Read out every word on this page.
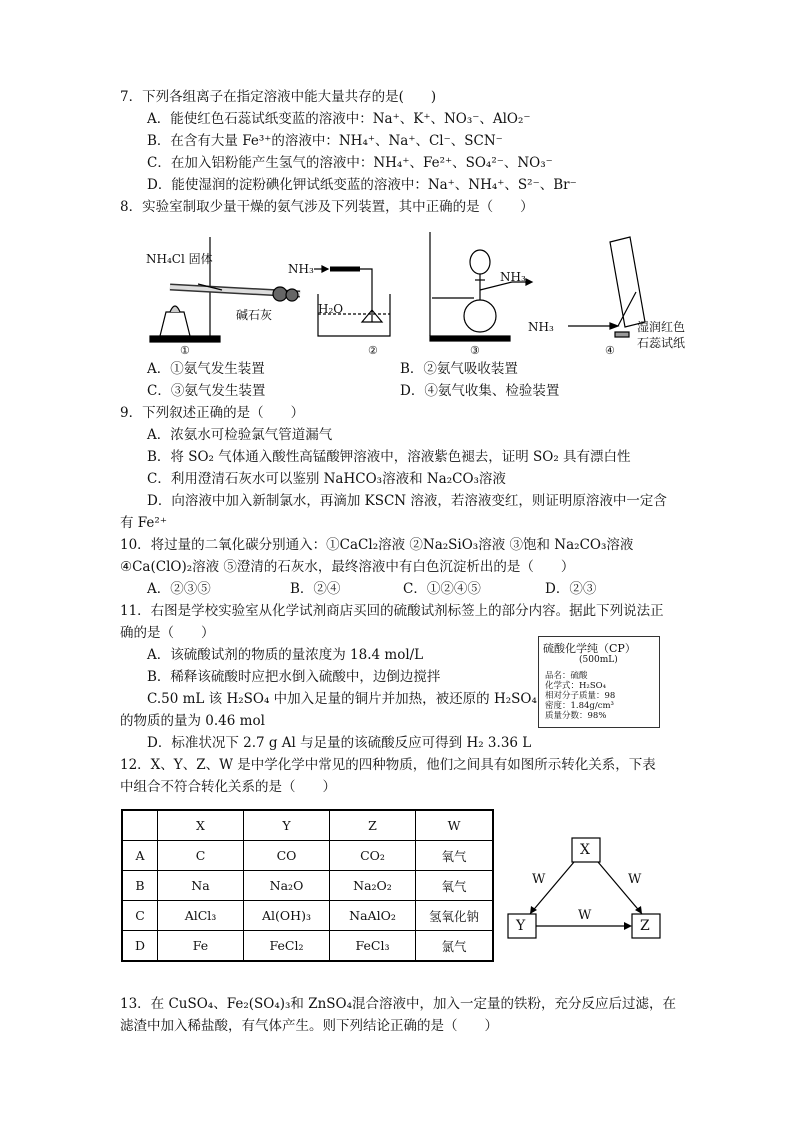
7．下列各组离子在指定溶液中能大量共存的是(　　)
A．能使红色石蕊试纸变蓝的溶液中：Na⁺、K⁺、NO₃⁻、AlO₂⁻
B．在含有大量 Fe³⁺的溶液中：NH₄⁺、Na⁺、Cl⁻、SCN⁻
C．在加入铝粉能产生氢气的溶液中：NH₄⁺、Fe²⁺、SO₄²⁻、NO₃⁻
D．能使湿润的淀粉碘化钾试纸变蓝的溶液中：Na⁺、NH₄⁺、S²⁻、Br⁻
8．实验室制取少量干燥的氨气涉及下列装置，其中正确的是（　　）
NH₄Cl 固体
碱石灰
NH₃
H₂O
NH₃
NH₃	湿润红色
石蕊试纸
①	②	③	④
A．①氨气发生装置	B．②氨气吸收装置
C．③氨气发生装置	D．④氨气收集、检验装置
9．下列叙述正确的是（　　）
A．浓氨水可检验氯气管道漏气
B．将 SO₂ 气体通入酸性高锰酸钾溶液中，溶液紫色褪去，证明 SO₂ 具有漂白性
C．利用澄清石灰水可以鉴别 NaHCO₃溶液和 Na₂CO₃溶液
D．向溶液中加入新制氯水，再滴加 KSCN 溶液，若溶液变红，则证明原溶液中一定含
有 Fe²⁺
10．将过量的二氧化碳分别通入：①CaCl₂溶液 ②Na₂SiO₃溶液 ③饱和 Na₂CO₃溶液
④Ca(ClO)₂溶液 ⑤澄清的石灰水，最终溶液中有白色沉淀析出的是（　　）
A．②③⑤	B．②④	C．①②④⑤	D．②③
11．右图是学校实验室从化学试剂商店买回的硫酸试剂标签上的部分内容。据此下列说法正
确的是（　　）
A．该硫酸试剂的物质的量浓度为 18.4 mol/L
B．稀释该硫酸时应把水倒入硫酸中，边倒边搅拌
C.50 mL 该 H₂SO₄ 中加入足量的铜片并加热，被还原的 H₂SO₄
的物质的量为 0.46 mol
D．标准状况下 2.7 g Al 与足量的该硫酸反应可得到 H₂ 3.36 L
硫酸化学纯（CP）
(500mL)
品名：硫酸
化学式：H₂SO₄
相对分子质量：98
密度：1.84g/cm³
质量分数：98%
12．X、Y、Z、W 是中学化学中常见的四种物质，他们之间具有如图所示转化关系，下表
中组合不符合转化关系的是（　　）
	X	Y	Z	W
A	C	CO	CO₂	氧气
B	Na	Na₂O	Na₂O₂	氧气
C	AlCl₃	Al(OH)₃	NaAlO₂	氢氧化钠
D	Fe	FeCl₂	FeCl₃	氯气
X
Y	Z
W	W
W
13．在 CuSO₄、Fe₂(SO₄)₃和 ZnSO₄混合溶液中，加入一定量的铁粉，充分反应后过滤，在
滤渣中加入稀盐酸，有气体产生。则下列结论正确的是（　　）
